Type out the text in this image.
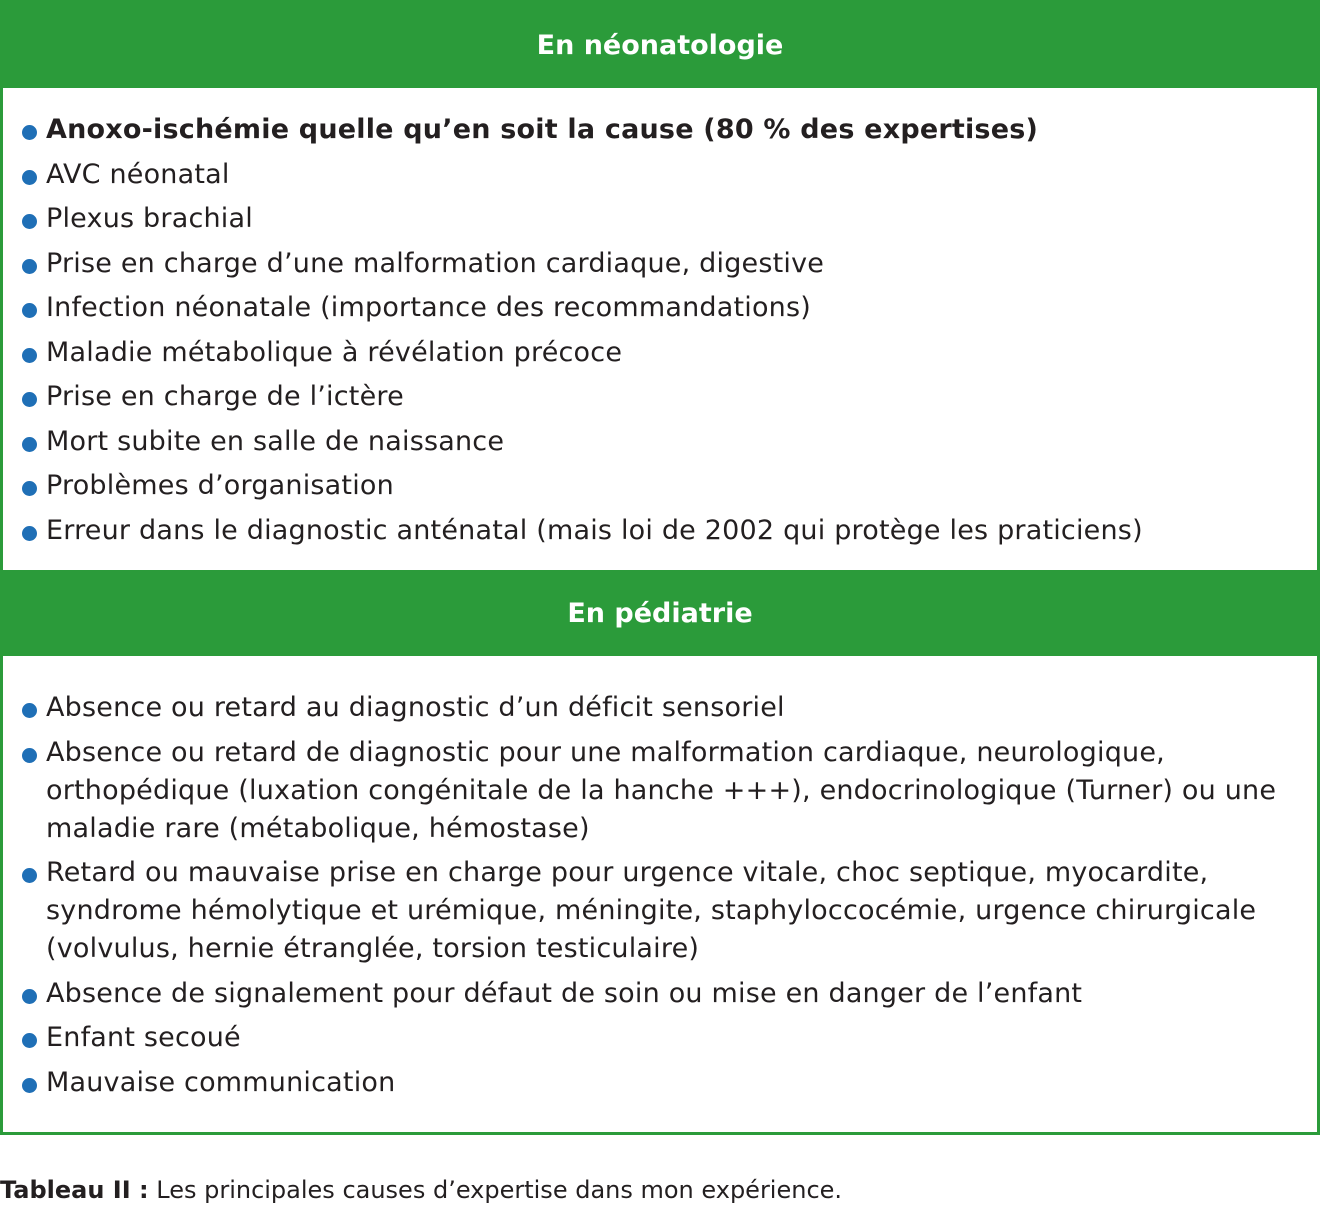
En néonatologie
Anoxo-ischémie quelle qu’en soit la cause (80 % des expertises)
AVC néonatal
Plexus brachial
Prise en charge d’une malformation cardiaque, digestive
Infection néonatale (importance des recommandations)
Maladie métabolique à révélation précoce
Prise en charge de l’ictère
Mort subite en salle de naissance
Problèmes d’organisation
Erreur dans le diagnostic anténatal (mais loi de 2002 qui protège les praticiens)
En pédiatrie
Absence ou retard au diagnostic d’un déficit sensoriel
Absence ou retard de diagnostic pour une malformation cardiaque, neurologique, orthopédique (luxation congénitale de la hanche +++), endocrinologique (Turner) ou une maladie rare (métabolique, hémostase)
Retard ou mauvaise prise en charge pour urgence vitale, choc septique, myocardite, syndrome hémolytique et urémique, méningite, staphyloccocémie, urgence chirurgicale (volvulus, hernie étranglée, torsion testiculaire)
Absence de signalement pour défaut de soin ou mise en danger de l’enfant
Enfant secoué
Mauvaise communication
Tableau II : Les principales causes d’expertise dans mon expérience.
